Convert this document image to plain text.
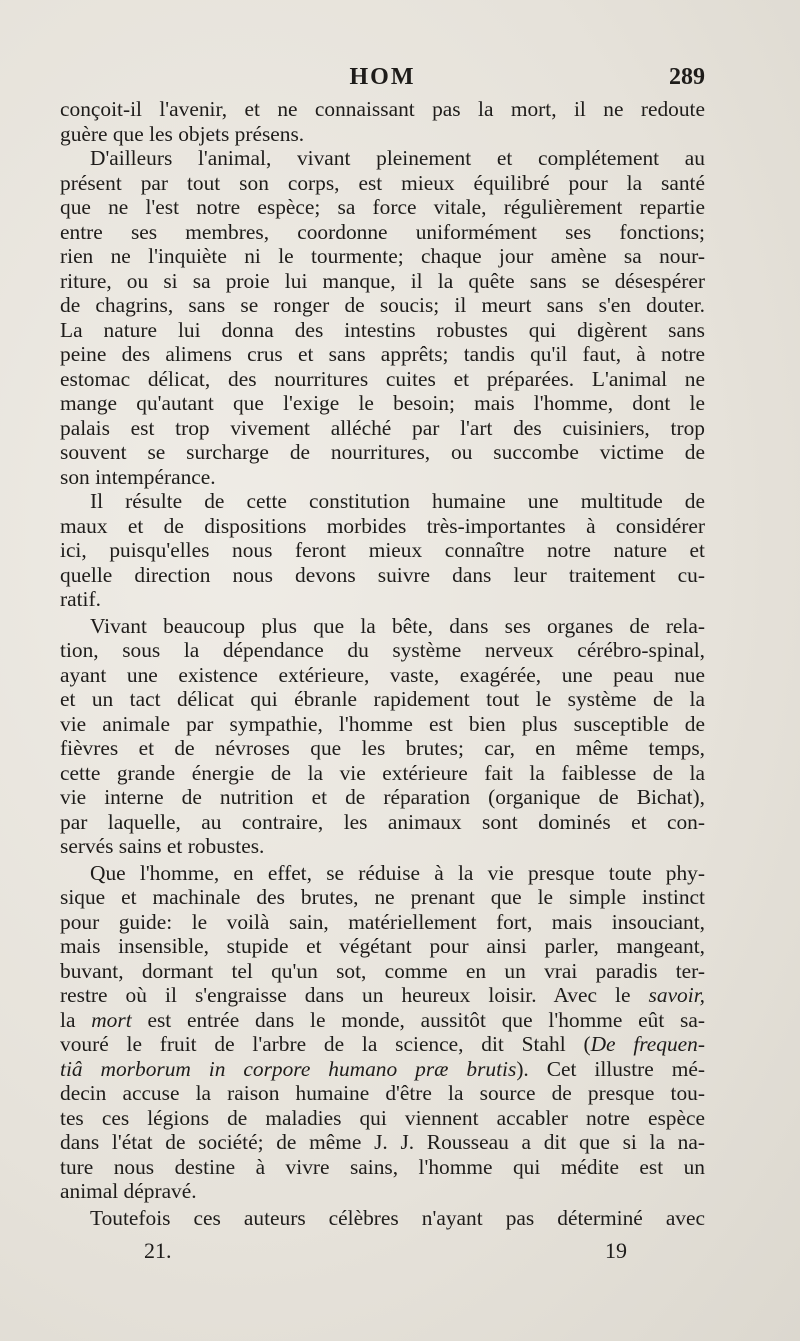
HOM	289
conçoit-il l'avenir, et ne connaissant pas la mort, il ne redoute
guère que les objets présens.
D'ailleurs l'animal, vivant pleinement et complétement au
présent par tout son corps, est mieux équilibré pour la santé
que ne l'est notre espèce; sa force vitale, régulièrement repartie
entre ses membres, coordonne uniformément ses fonctions;
rien ne l'inquiète ni le tourmente; chaque jour amène sa nour-
riture, ou si sa proie lui manque, il la quête sans se désespérer
de chagrins, sans se ronger de soucis; il meurt sans s'en douter.
La nature lui donna des intestins robustes qui digèrent sans
peine des alimens crus et sans apprêts; tandis qu'il faut, à notre
estomac délicat, des nourritures cuites et préparées. L'animal ne
mange qu'autant que l'exige le besoin; mais l'homme, dont le
palais est trop vivement alléché par l'art des cuisiniers, trop
souvent se surcharge de nourritures, ou succombe victime de
son intempérance.
Il résulte de cette constitution humaine une multitude de
maux et de dispositions morbides très-importantes à considérer
ici, puisqu'elles nous feront mieux connaître notre nature et
quelle direction nous devons suivre dans leur traitement cu-
ratif.
Vivant beaucoup plus que la bête, dans ses organes de rela-
tion, sous la dépendance du système nerveux cérébro-spinal,
ayant une existence extérieure, vaste, exagérée, une peau nue
et un tact délicat qui ébranle rapidement tout le système de la
vie animale par sympathie, l'homme est bien plus susceptible de
fièvres et de névroses que les brutes; car, en même temps,
cette grande énergie de la vie extérieure fait la faiblesse de la
vie interne de nutrition et de réparation (organique de Bichat),
par laquelle, au contraire, les animaux sont dominés et con-
servés sains et robustes.
Que l'homme, en effet, se réduise à la vie presque toute phy-
sique et machinale des brutes, ne prenant que le simple instinct
pour guide: le voilà sain, matériellement fort, mais insouciant,
mais insensible, stupide et végétant pour ainsi parler, mangeant,
buvant, dormant tel qu'un sot, comme en un vrai paradis ter-
restre où il s'engraisse dans un heureux loisir. Avec le savoir,
la mort est entrée dans le monde, aussitôt que l'homme eût sa-
vouré le fruit de l'arbre de la science, dit Stahl (De frequen-
tiâ morborum in corpore humano præ brutis). Cet illustre mé-
decin accuse la raison humaine d'être la source de presque tou-
tes ces légions de maladies qui viennent accabler notre espèce
dans l'état de société; de même J. J. Rousseau a dit que si la na-
ture nous destine à vivre sains, l'homme qui médite est un
animal dépravé.
Toutefois ces auteurs célèbres n'ayant pas déterminé avec
21.	19
